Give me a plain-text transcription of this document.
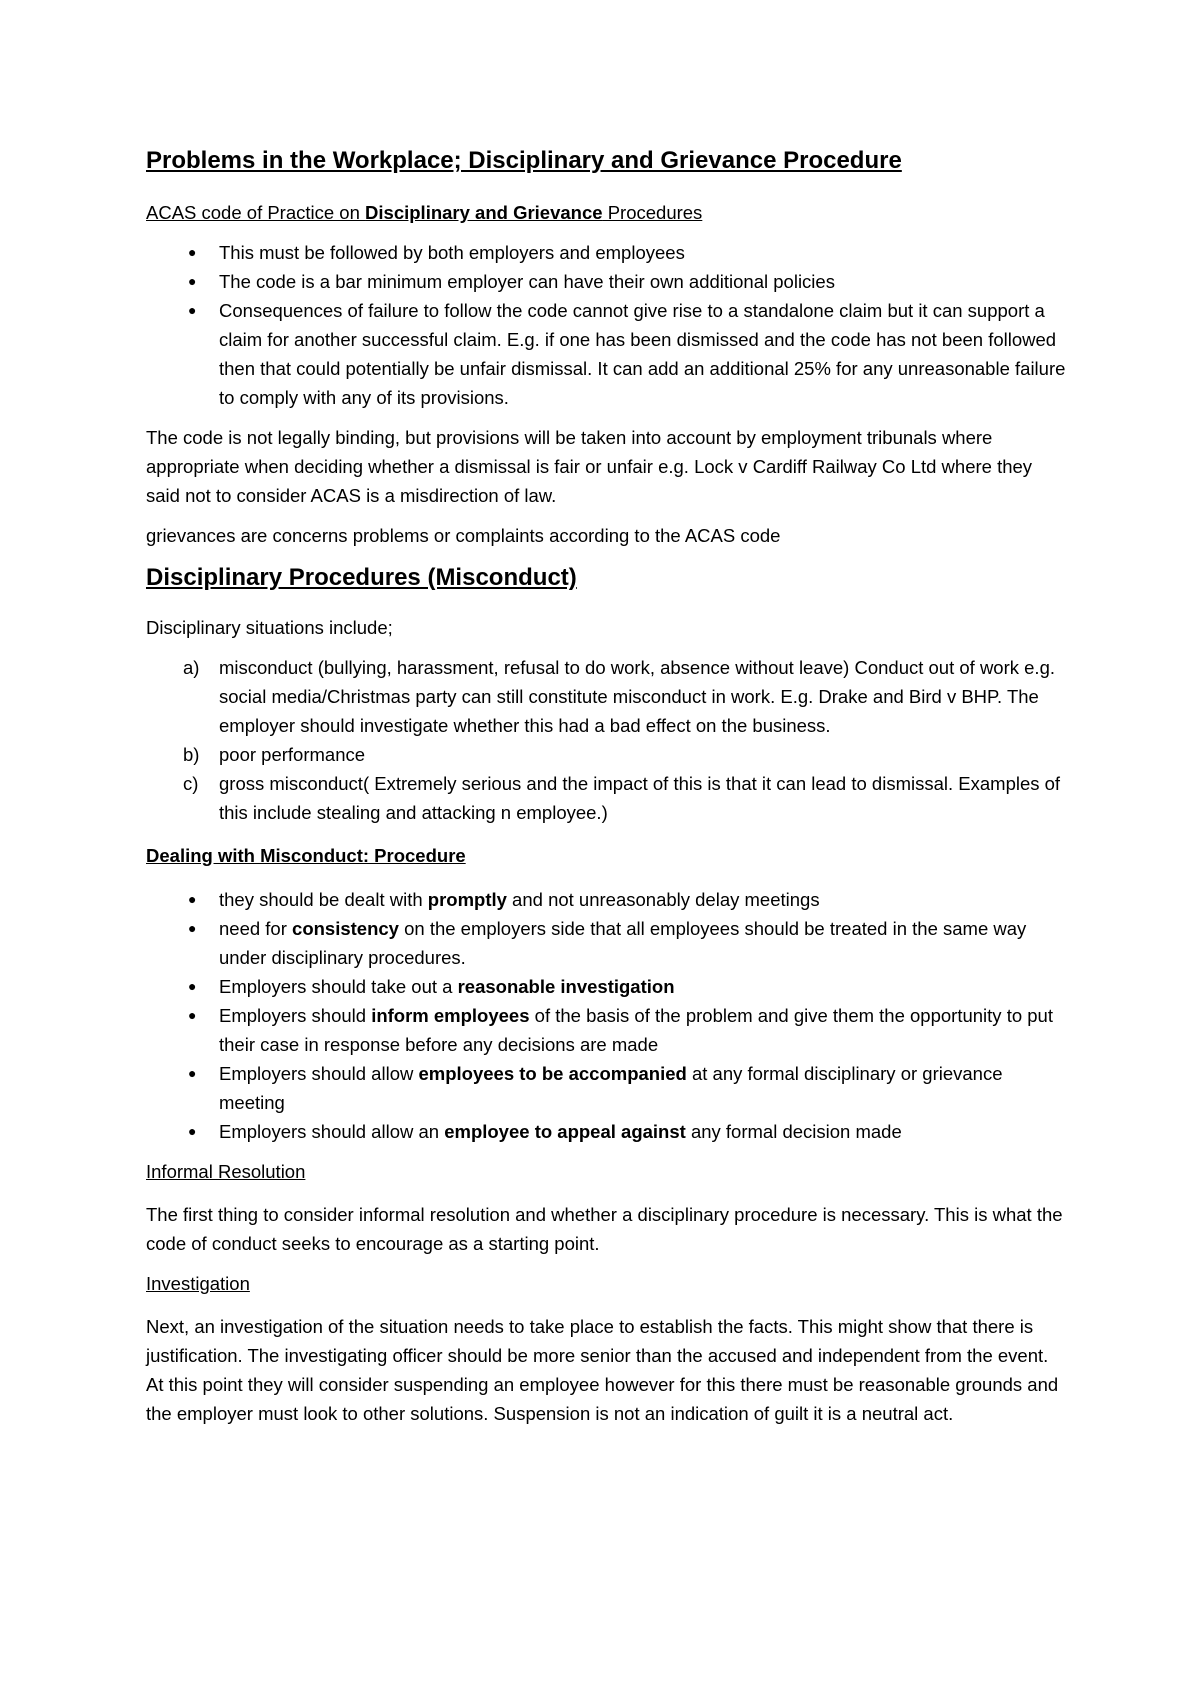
Problems in the Workplace; Disciplinary and Grievance Procedure

ACAS code of Practice on Disciplinary and Grievance Procedures

● This must be followed by both employers and employees
● The code is a bar minimum employer can have their own additional policies
● Consequences of failure to follow the code cannot give rise to a standalone claim but it can support a claim for another successful claim. E.g. if one has been dismissed and the code has not been followed then that could potentially be unfair dismissal. It can add an additional 25% for any unreasonable failure to comply with any of its provisions.

The code is not legally binding, but provisions will be taken into account by employment tribunals where appropriate when deciding whether a dismissal is fair or unfair e.g. Lock v Cardiff Railway Co Ltd where they said not to consider ACAS is a misdirection of law.

grievances are concerns problems or complaints according to the ACAS code

Disciplinary Procedures (Misconduct)

Disciplinary situations include;

a) misconduct (bullying, harassment, refusal to do work, absence without leave) Conduct out of work e.g. social media/Christmas party can still constitute misconduct in work. E.g. Drake and Bird v BHP. The employer should investigate whether this had a bad effect on the business.
b) poor performance
c) gross misconduct( Extremely serious and the impact of this is that it can lead to dismissal. Examples of this include stealing and attacking n employee.)

Dealing with Misconduct: Procedure

● they should be dealt with promptly and not unreasonably delay meetings
● need for consistency on the employers side that all employees should be treated in the same way under disciplinary procedures.
● Employers should take out a reasonable investigation
● Employers should inform employees of the basis of the problem and give them the opportunity to put their case in response before any decisions are made
● Employers should allow employees to be accompanied at any formal disciplinary or grievance meeting
● Employers should allow an employee to appeal against any formal decision made

Informal Resolution

The first thing to consider informal resolution and whether a disciplinary procedure is necessary. This is what the code of conduct seeks to encourage as a starting point.

Investigation

Next, an investigation of the situation needs to take place to establish the facts. This might show that there is justification. The investigating officer should be more senior than the accused and independent from the event. At this point they will consider suspending an employee however for this there must be reasonable grounds and the employer must look to other solutions. Suspension is not an indication of guilt it is a neutral act.
